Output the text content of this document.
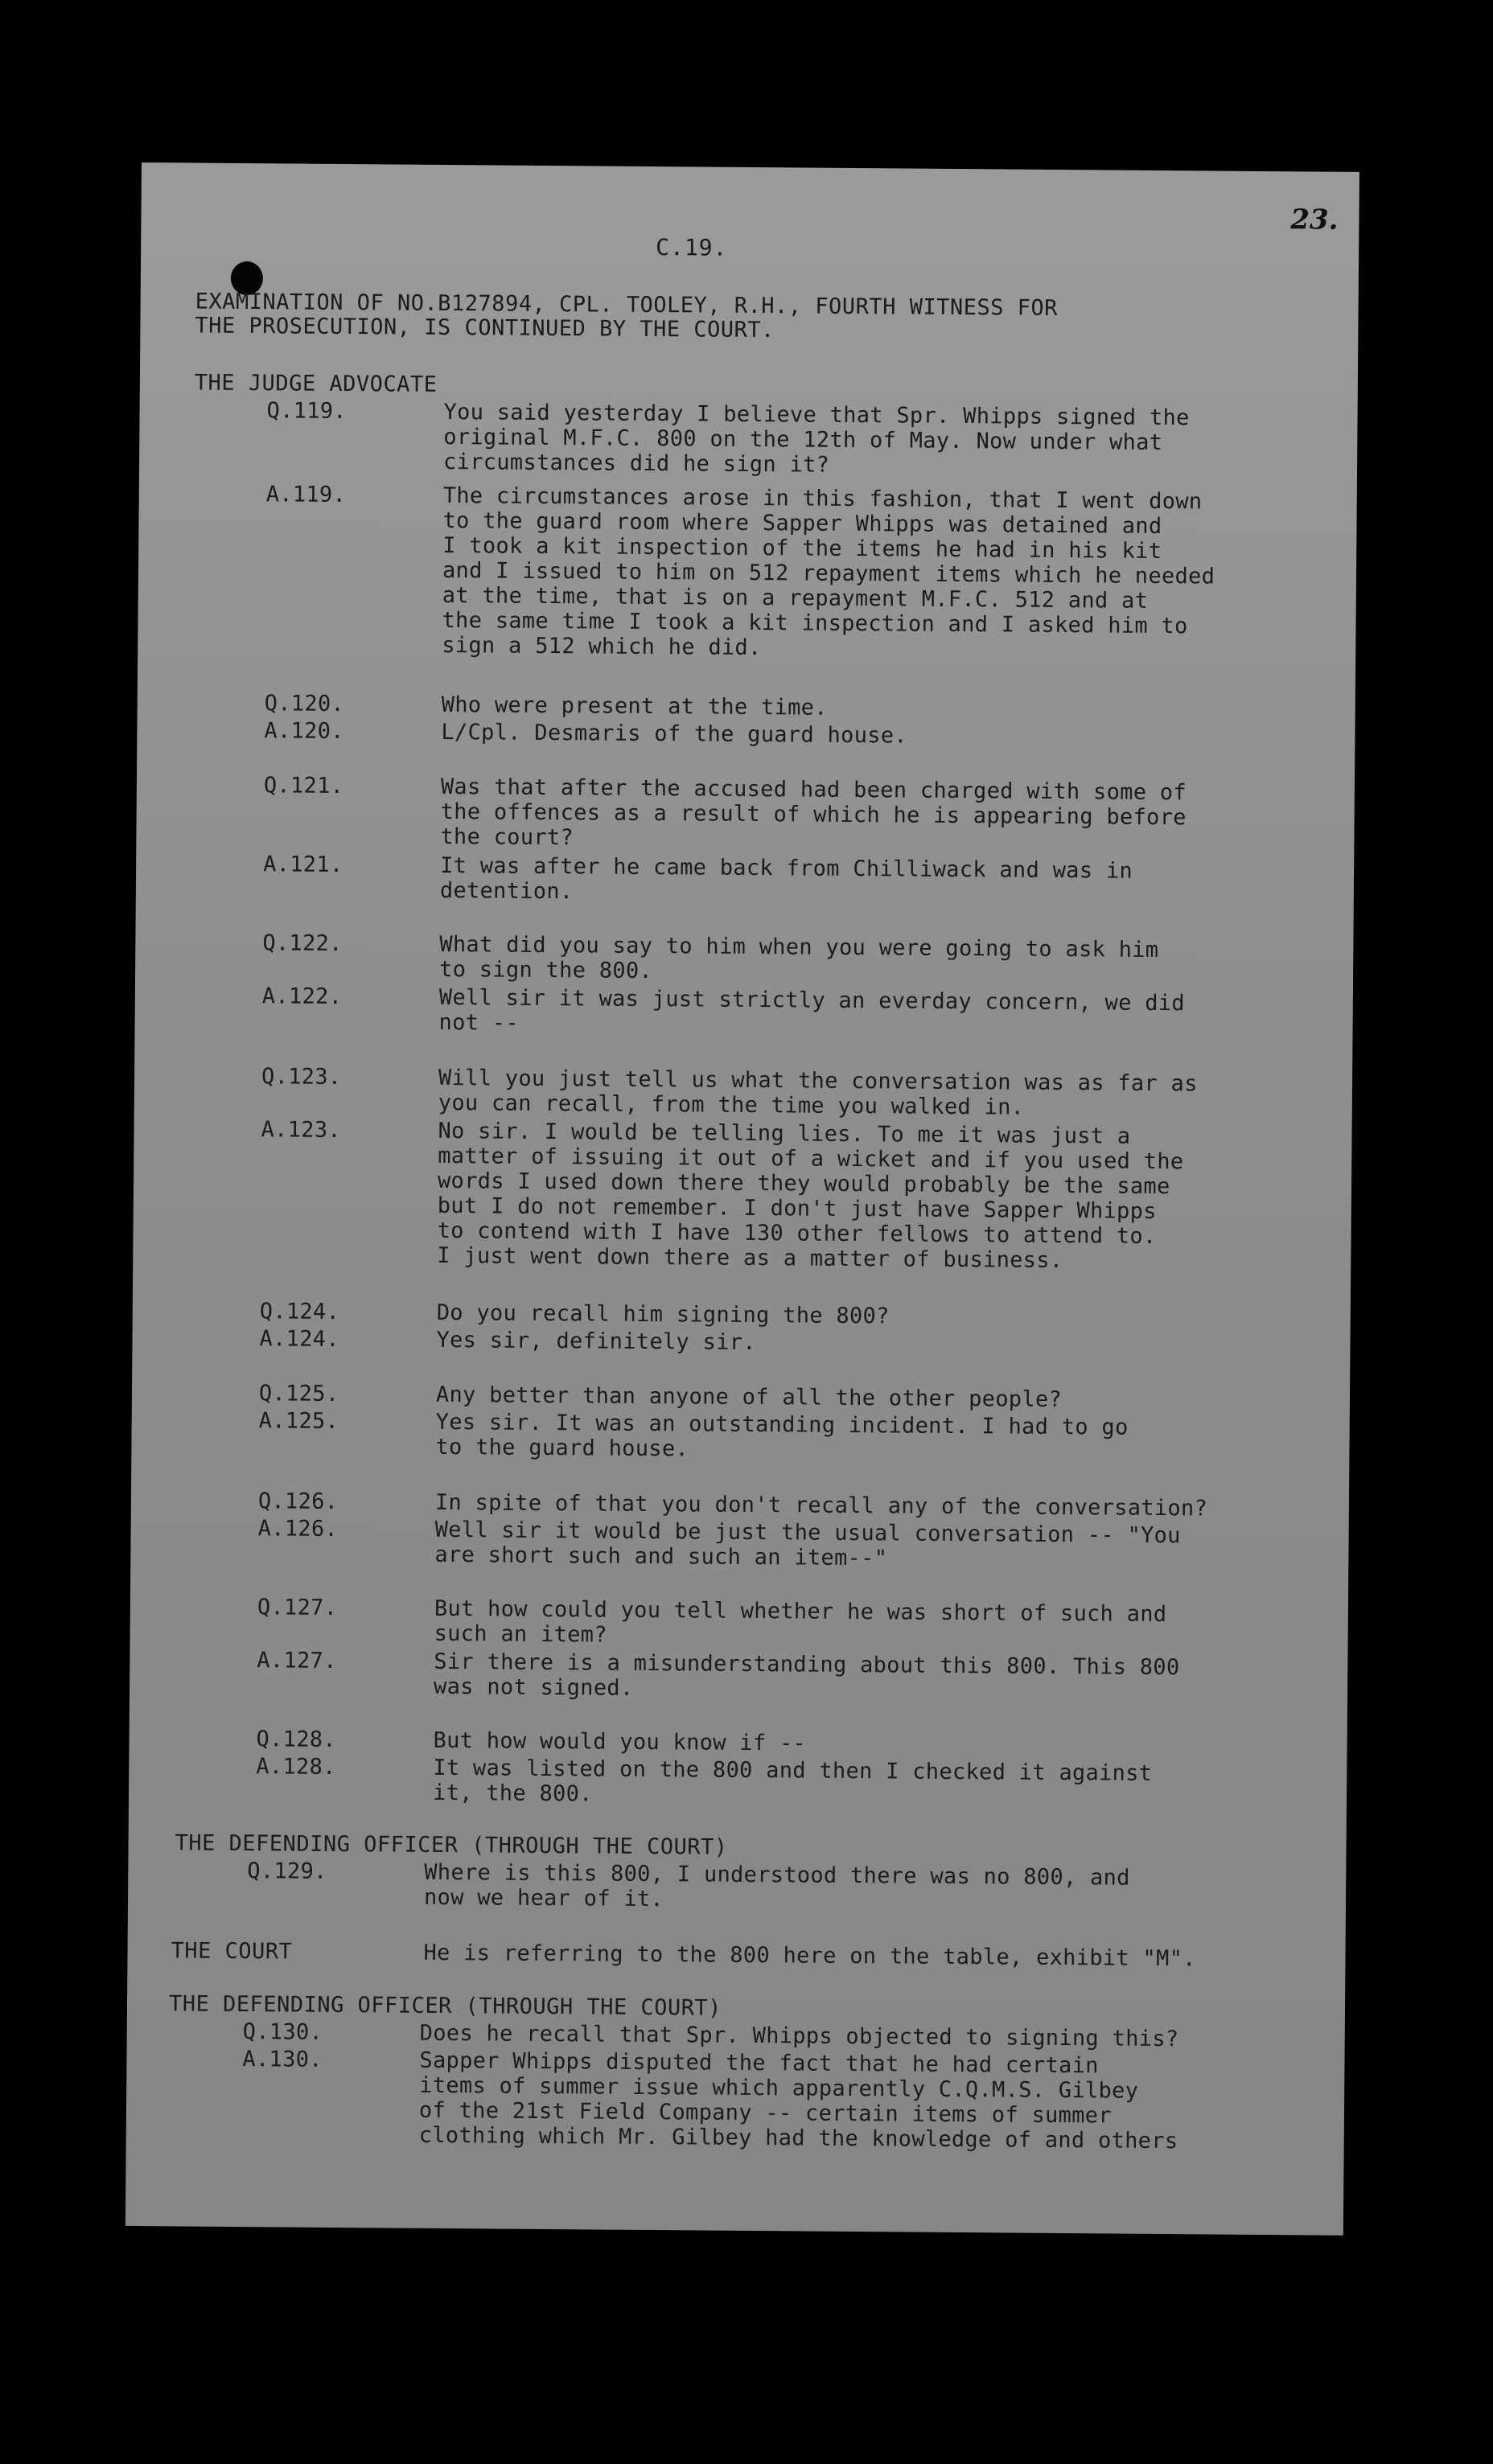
C.19.
23.
EXAMINATION OF NO.B127894, CPL. TOOLEY, R.H., FOURTH WITNESS FOR
THE PROSECUTION, IS CONTINUED BY THE COURT.
THE JUDGE ADVOCATE
Q.119.	You said yesterday I believe that Spr. Whipps signed the
original M.F.C. 800 on the 12th of May. Now under what
circumstances did he sign it?
A.119.	The circumstances arose in this fashion, that I went down
to the guard room where Sapper Whipps was detained and
I took a kit inspection of the items he had in his kit
and I issued to him on 512 repayment items which he needed
at the time, that is on a repayment M.F.C. 512 and at
the same time I took a kit inspection and I asked him to
sign a 512 which he did.
Q.120.	Who were present at the time.
A.120.	L/Cpl. Desmaris of the guard house.
Q.121.	Was that after the accused had been charged with some of
the offences as a result of which he is appearing before
the court?
A.121.	It was after he came back from Chilliwack and was in
detention.
Q.122.	What did you say to him when you were going to ask him
to sign the 800.
A.122.	Well sir it was just strictly an everday concern, we did
not --
Q.123.	Will you just tell us what the conversation was as far as
you can recall, from the time you walked in.
A.123.	No sir. I would be telling lies. To me it was just a
matter of issuing it out of a wicket and if you used the
words I used down there they would probably be the same
but I do not remember. I don't just have Sapper Whipps
to contend with I have 130 other fellows to attend to.
I just went down there as a matter of business.
Q.124.	Do you recall him signing the 800?
A.124.	Yes sir, definitely sir.
Q.125.	Any better than anyone of all the other people?
A.125.	Yes sir. It was an outstanding incident. I had to go
to the guard house.
Q.126.	In spite of that you don't recall any of the conversation?
A.126.	Well sir it would be just the usual conversation -- "You
are short such and such an item--"
Q.127.	But how could you tell whether he was short of such and
such an item?
A.127.	Sir there is a misunderstanding about this 800. This 800
was not signed.
Q.128.	But how would you know if --
A.128.	It was listed on the 800 and then I checked it against
it, the 800.
THE DEFENDING OFFICER (THROUGH THE COURT)
Q.129.	Where is this 800, I understood there was no 800, and
now we hear of it.
THE COURT	He is referring to the 800 here on the table, exhibit "M".
THE DEFENDING OFFICER (THROUGH THE COURT)
Q.130.	Does he recall that Spr. Whipps objected to signing this?
A.130.	Sapper Whipps disputed the fact that he had certain
items of summer issue which apparently C.Q.M.S. Gilbey
of the 21st Field Company -- certain items of summer
clothing which Mr. Gilbey had the knowledge of and others
